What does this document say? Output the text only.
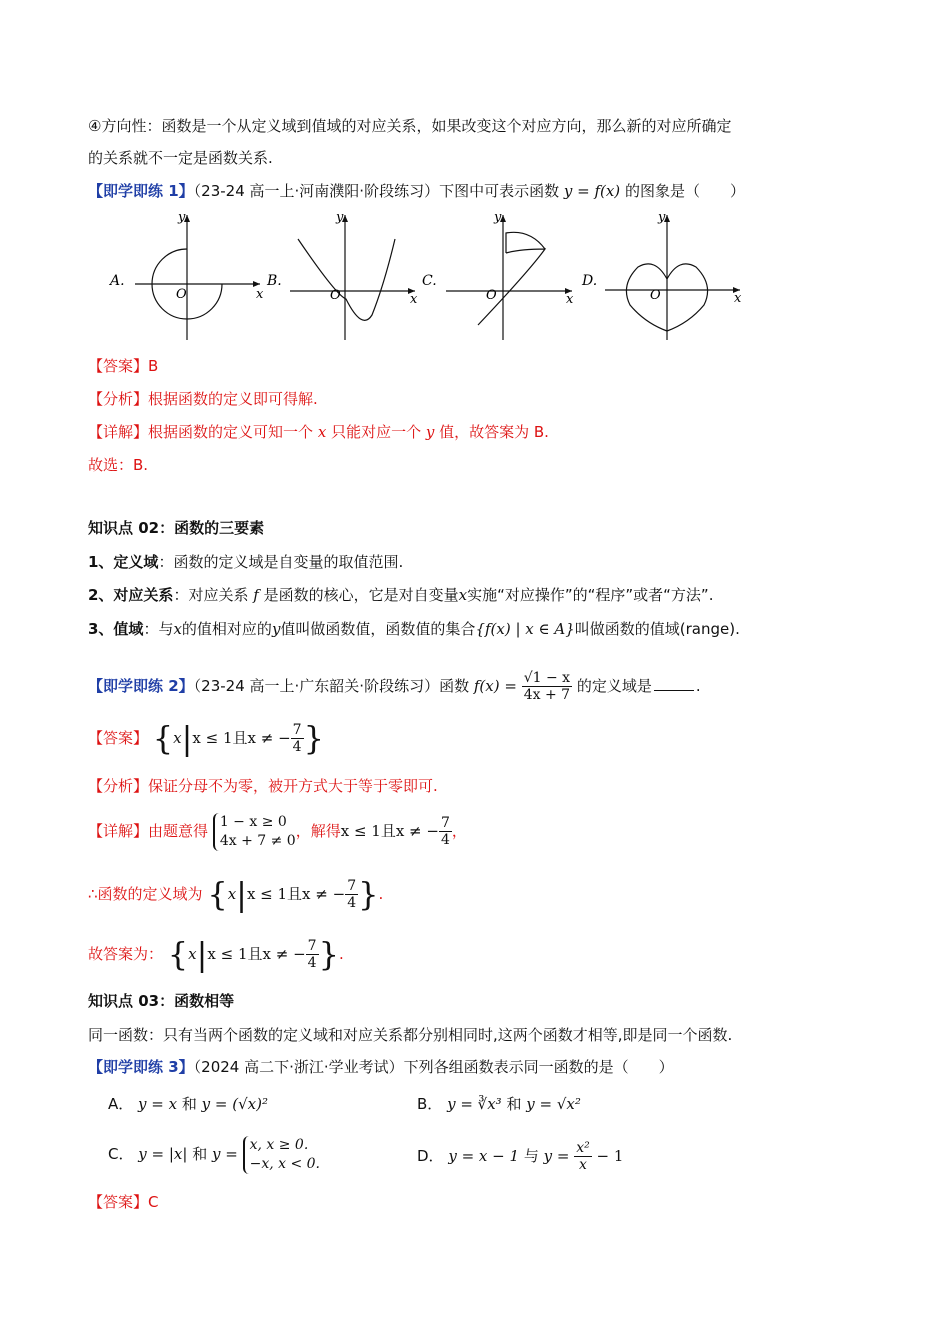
④方向性：函数是一个从定义域到值域的对应关系，如果改变这个对应方向，那么新的对应所确定
的关系就不一定是函数关系.
【即学即练 1】（23-24 高一上·河南濮阳·阶段练习）下图中可表示函数 y = f(x) 的图象是（　　）
A.
O	x
y
B.
O	x
y
C.
O	x
y
D.
O	x
y
【答案】B
【分析】根据函数的定义即可得解.
【详解】根据函数的定义可知一个 x 只能对应一个 y 值，故答案为 B.
故选：B.
知识点 02：函数的三要素
1、定义域：函数的定义域是自变量的取值范围.
2、对应关系：对应关系 f 是函数的核心，它是对自变量x实施“对应操作”的“程序”或者“方法”.
3、值域：与x的值相对应的y值叫做函数值，函数值的集合{f(x) | x ∈ A}叫做函数的值域(range).
【即学即练 2】（23-24 高一上·广东韶关·阶段练习）函数 $f(x) = \frac{√1 - x}{4x + 7}$ 的定义域是	.
【答案】 {x|x ≤ 1且x ≠ − $\frac{7}{4}$ }
【分析】保证分母不为零，被开方式大于等于零即可.
【详解】由题意得 1 − x ≥ 0
4x + 7 ≠ 0，解得x ≤ 1且x ≠ − $\frac{7}{4}$ ，
∴函数的定义域为 {x|x ≤ 1且x ≠ − $\frac{7}{4}$ }.
故答案为： {x|x ≤ 1且x ≠ − $\frac{7}{4}$ }.
知识点 03：函数相等
同一函数：只有当两个函数的定义域和对应关系都分别相同时,这两个函数才相等,即是同一个函数.
【即学即练 3】（2024 高二下·浙江·学业考试）下列各组函数表示同一函数的是（　　）
A． y = x 和 y = (√x)²	B． y = ∛x³ 和 y = √x²
C． y = |x| 和 y = x, x ≥ 0.
−x, x < 0.	D． y = x − 1 与 $y = \frac{\text{x²}}{x} - 1$
【答案】C
